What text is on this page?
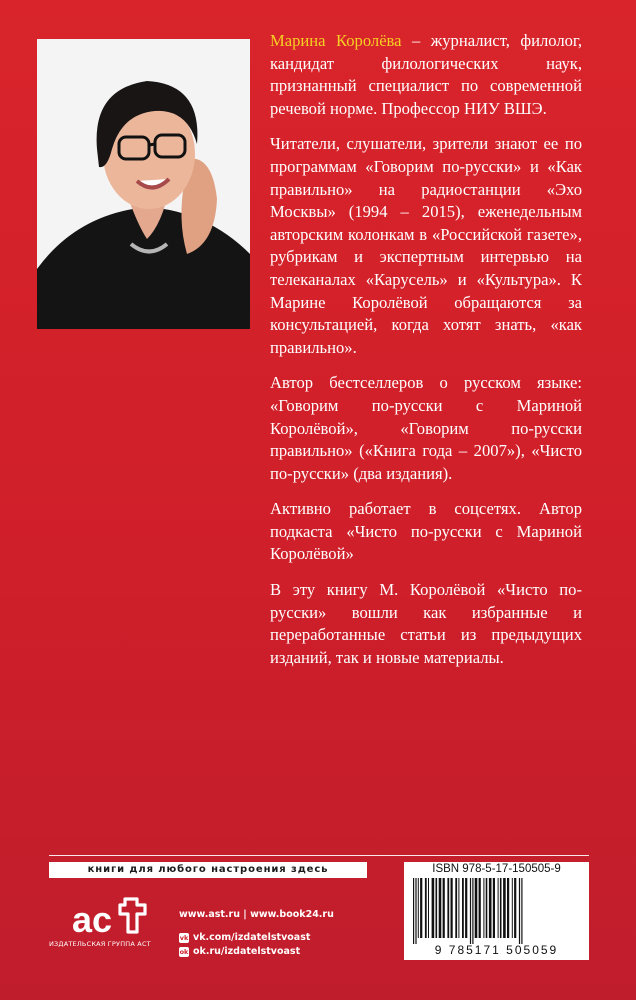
Марина Королёва – журналист, филолог, кандидат филологических наук, признанный специалист по современной речевой норме. Профессор НИУ ВШЭ.

Читатели, слушатели, зрители знают ее по программам «Говорим по-русски» и «Как правильно» на радиостанции «Эхо Москвы» (1994 – 2015), еженедельным авторским колонкам в «Российской газете», рубрикам и экспертным интервью на телеканалах «Карусель» и «Культура». К Марине Королёвой обращаются за консультацией, когда хотят знать, «как правильно».

Автор бестселлеров о русском языке: «Говорим по-русски с Мариной Королёвой», «Говорим по-русски правильно» («Книга года – 2007»), «Чисто по-русски» (два издания).

Активно работает в соцсетях. Автор подкаста «Чисто по-русски с Мариной Королёвой»

В эту книгу М. Королёвой «Чисто по-русски» вошли как избранные и переработанные статьи из предыдущих изданий, так и новые материалы.

книги для любого настроения здесь
ac
ИЗДАТЕЛЬСКАЯ ГРУППА АСТ
www.ast.ru | www.book24.ru
vk vk.com/izdatelstvoast
ok ok.ru/izdatelstvoast
ISBN 978-5-17-150505-9
9 785171 505059
